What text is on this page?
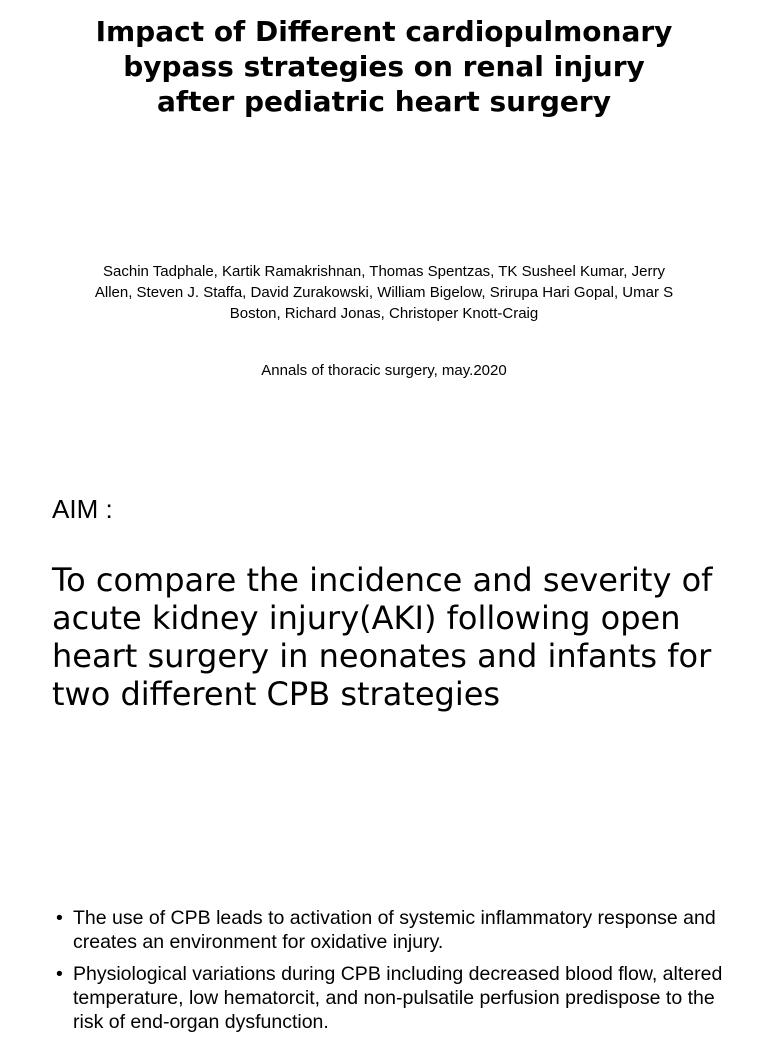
Impact of Different cardiopulmonary bypass strategies on renal injury after pediatric heart surgery
Sachin Tadphale, Kartik Ramakrishnan, Thomas Spentzas, TK Susheel Kumar, Jerry Allen, Steven J. Staffa, David Zurakowski, William Bigelow, Srirupa Hari Gopal, Umar S Boston, Richard Jonas, Christoper Knott-Craig
Annals of thoracic surgery, may.2020
AIM :
To compare the incidence and severity of acute kidney injury(AKI) following open heart surgery in neonates and infants for two different CPB strategies
• The use of CPB leads to activation of systemic inflammatory response and creates an environment for oxidative injury.
• Physiological variations during CPB including decreased blood flow, altered temperature, low hematorcit, and non-pulsatile perfusion predispose to the risk of end-organ dysfunction.
